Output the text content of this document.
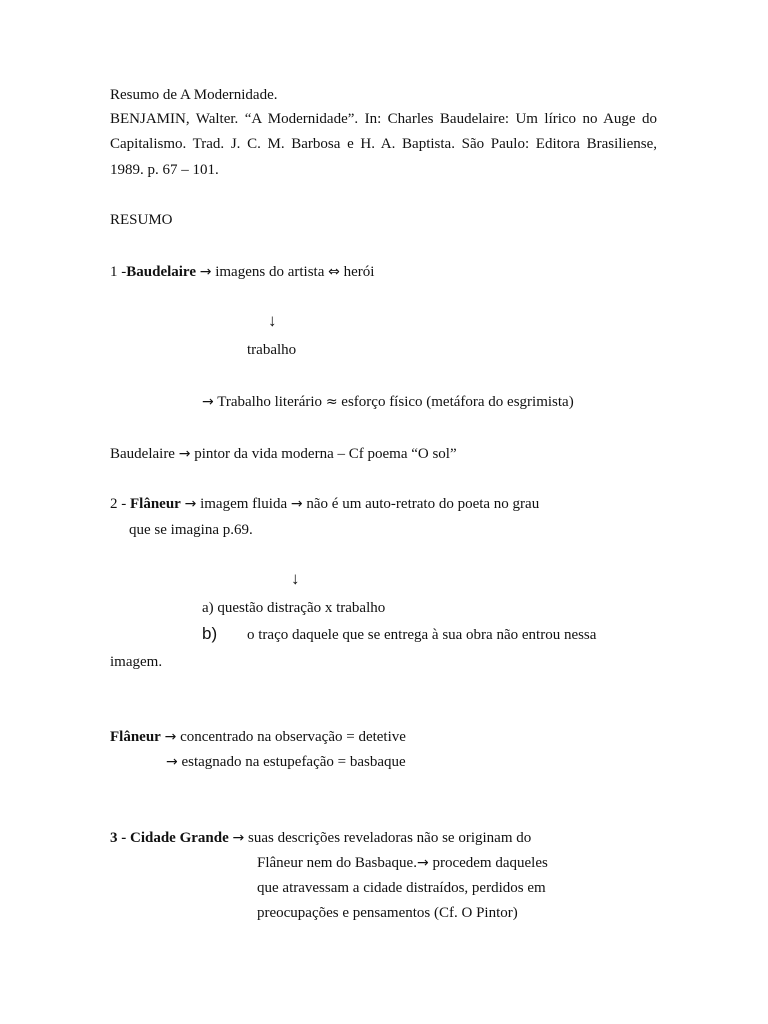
Resumo de A Modernidade.
BENJAMIN, Walter. “A Modernidade”. In: Charles Baudelaire: Um lírico no Auge do
Capitalismo. Trad. J. C. M. Barbosa e H. A. Baptista. São Paulo: Editora Brasiliense,
1989. p. 67 – 101.
RESUMO
1 -Baudelaire → imagens do artista ⇔ herói
↓
trabalho
→ Trabalho literário ≈ esforço físico (metáfora do esgrimista)
Baudelaire → pintor da vida moderna – Cf poema “O sol”
2 - Flâneur → imagem fluida → não é um auto-retrato do poeta no grau
que se imagina p.69.
↓
a) questão distração x trabalho
b) o traço daquele que se entrega à sua obra não entrou nessa
imagem.
Flâneur → concentrado na observação = detetive
→ estagnado na estupefação = basbaque
3 - Cidade Grande → suas descrições reveladoras não se originam do
Flâneur nem do Basbaque.→ procedem daqueles
que atravessam a cidade distraídos, perdidos em
preocupações e pensamentos (Cf. O Pintor)
